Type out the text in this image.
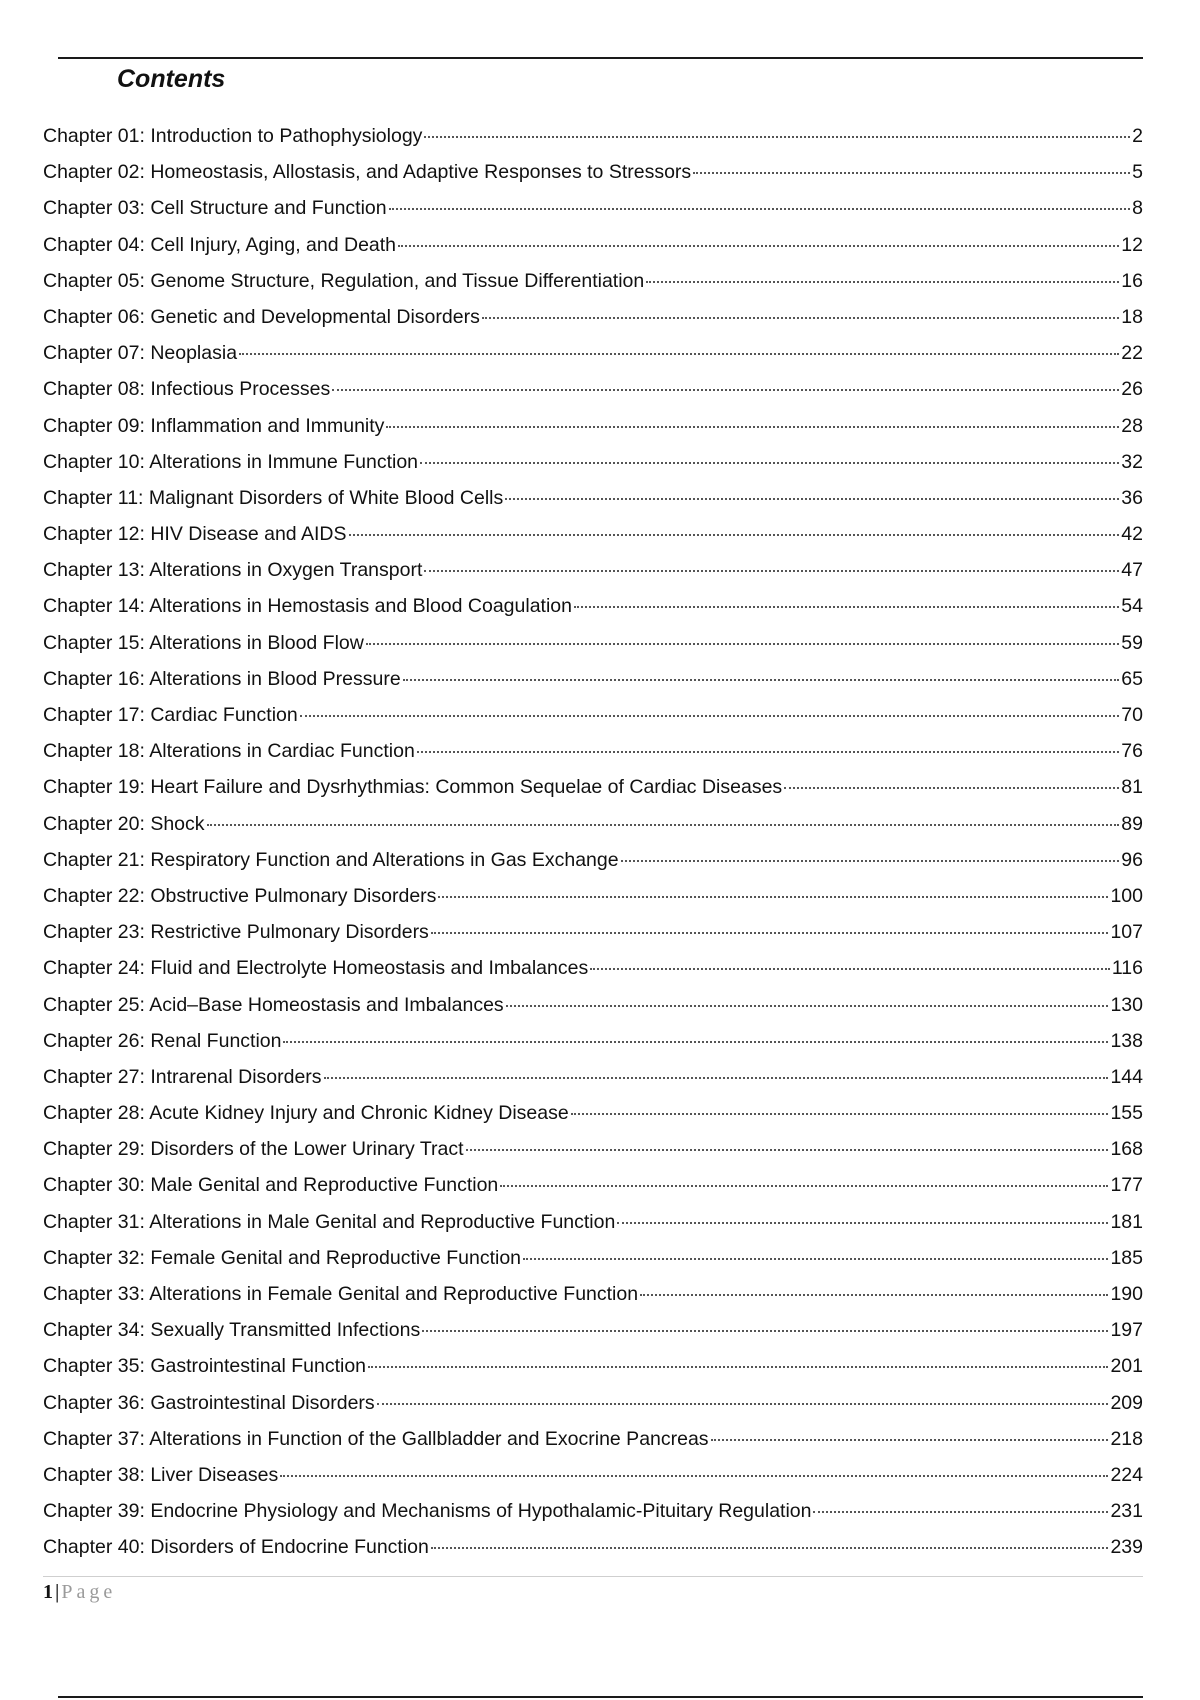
Contents
Chapter 01: Introduction to Pathophysiology	2
Chapter 02: Homeostasis, Allostasis, and Adaptive Responses to Stressors	5
Chapter 03: Cell Structure and Function	8
Chapter 04: Cell Injury, Aging, and Death	12
Chapter 05: Genome Structure, Regulation, and Tissue Differentiation	16
Chapter 06: Genetic and Developmental Disorders	18
Chapter 07: Neoplasia	22
Chapter 08: Infectious Processes	26
Chapter 09: Inflammation and Immunity	28
Chapter 10: Alterations in Immune Function	32
Chapter 11: Malignant Disorders of White Blood Cells	36
Chapter 12: HIV Disease and AIDS	42
Chapter 13: Alterations in Oxygen Transport	47
Chapter 14: Alterations in Hemostasis and Blood Coagulation	54
Chapter 15: Alterations in Blood Flow	59
Chapter 16: Alterations in Blood Pressure	65
Chapter 17: Cardiac Function	70
Chapter 18: Alterations in Cardiac Function	76
Chapter 19: Heart Failure and Dysrhythmias: Common Sequelae of Cardiac Diseases	81
Chapter 20: Shock	89
Chapter 21: Respiratory Function and Alterations in Gas Exchange	96
Chapter 22: Obstructive Pulmonary Disorders	100
Chapter 23: Restrictive Pulmonary Disorders	107
Chapter 24: Fluid and Electrolyte Homeostasis and Imbalances	116
Chapter 25: Acid–Base Homeostasis and Imbalances	130
Chapter 26: Renal Function	138
Chapter 27: Intrarenal Disorders	144
Chapter 28: Acute Kidney Injury and Chronic Kidney Disease	155
Chapter 29: Disorders of the Lower Urinary Tract	168
Chapter 30: Male Genital and Reproductive Function	177
Chapter 31: Alterations in Male Genital and Reproductive Function	181
Chapter 32: Female Genital and Reproductive Function	185
Chapter 33: Alterations in Female Genital and Reproductive Function	190
Chapter 34: Sexually Transmitted Infections	197
Chapter 35: Gastrointestinal Function	201
Chapter 36: Gastrointestinal Disorders	209
Chapter 37: Alterations in Function of the Gallbladder and Exocrine Pancreas	218
Chapter 38: Liver Diseases	224
Chapter 39: Endocrine Physiology and Mechanisms of Hypothalamic-Pituitary Regulation	231
Chapter 40: Disorders of Endocrine Function	239
1 | Page
